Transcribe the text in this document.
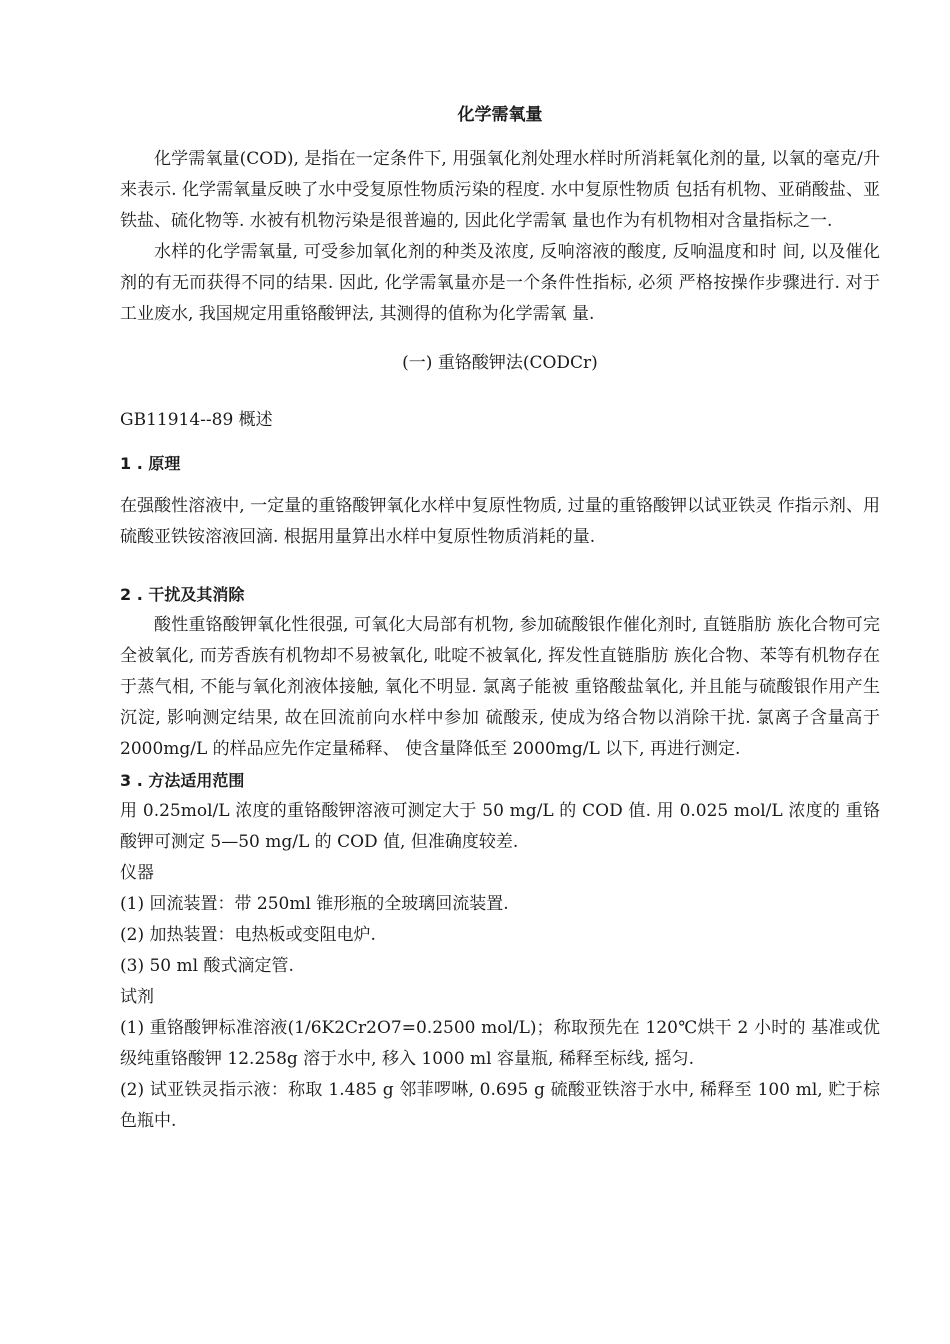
化学需氧量

化学需氧量(COD), 是指在一定条件下, 用强氧化剂处理水样时所消耗氧化剂的量, 以氧的毫克/升来表示. 化学需氧量反映了水中受复原性物质污染的程度. 水中复原性物质 包括有机物、亚硝酸盐、亚铁盐、硫化物等. 水被有机物污染是很普遍的, 因此化学需氧 量也作为有机物相对含量指标之一.

水样的化学需氧量, 可受参加氧化剂的种类及浓度, 反响溶液的酸度, 反响温度和时 间, 以及催化剂的有无而获得不同的结果. 因此, 化学需氧量亦是一个条件性指标, 必须 严格按操作步骤进行. 对于工业废水, 我国规定用重铬酸钾法, 其测得的值称为化学需氧 量.

(一) 重铬酸钾法(CODCr)

GB11914--89 概述

1 . 原理

在强酸性溶液中, 一定量的重铬酸钾氧化水样中复原性物质, 过量的重铬酸钾以试亚铁灵 作指示剂、用硫酸亚铁铵溶液回滴. 根据用量算出水样中复原性物质消耗的量.

2 . 干扰及其消除

酸性重铬酸钾氧化性很强, 可氧化大局部有机物, 参加硫酸银作催化剂时, 直链脂肪 族化合物可完全被氧化, 而芳香族有机物却不易被氧化, 吡啶不被氧化, 挥发性直链脂肪 族化合物、苯等有机物存在于蒸气相, 不能与氧化剂液体接触, 氧化不明显. 氯离子能被 重铬酸盐氧化, 并且能与硫酸银作用产生沉淀, 影响测定结果, 故在回流前向水样中参加 硫酸汞, 使成为络合物以消除干扰. 氯离子含量高于 2000mg/L 的样品应先作定量稀释、 使含量降低至 2000mg/L 以下, 再进行测定.

3 . 方法适用范围

用 0.25mol/L 浓度的重铬酸钾溶液可测定大于 50 mg/L 的 COD 值. 用 0.025 mol/L 浓度的 重铬酸钾可测定 5—50 mg/L 的 COD 值, 但准确度较差.

仪器

(1) 回流装置：带 250ml 锥形瓶的全玻璃回流装置.

(2) 加热装置：电热板或变阻电炉.

(3) 50 ml 酸式滴定管.

试剂

(1) 重铬酸钾标准溶液(1/6K2Cr2O7=0.2500 mol/L)；称取预先在 120℃烘干 2 小时的 基准或优级纯重铬酸钾 12.258g 溶于水中, 移入 1000 ml 容量瓶, 稀释至标线, 摇匀.

(2) 试亚铁灵指示液：称取 1.485 g 邻菲啰啉, 0.695 g 硫酸亚铁溶于水中, 稀释至 100 ml, 贮于棕色瓶中.
